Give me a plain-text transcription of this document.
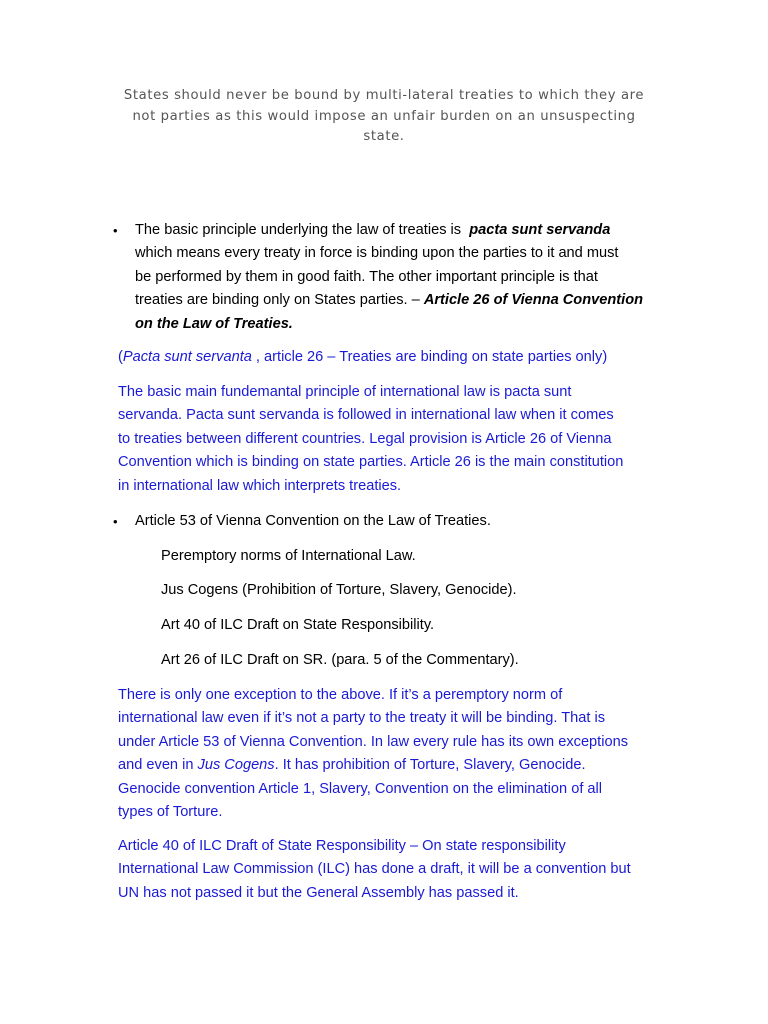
States should never be bound by multi-lateral treaties to which they are
not parties as this would impose an unfair burden on an unsuspecting
state.
• The basic principle underlying the law of treaties is pacta sunt servanda
which means every treaty in force is binding upon the parties to it and must
be performed by them in good faith. The other important principle is that
treaties are binding only on States parties. – Article 26 of Vienna Convention
on the Law of Treaties.
(Pacta sunt servanta , article 26 – Treaties are binding on state parties only)
The basic main fundemantal principle of international law is pacta sunt
servanda. Pacta sunt servanda is followed in international law when it comes
to treaties between different countries. Legal provision is Article 26 of Vienna
Convention which is binding on state parties. Article 26 is the main constitution
in international law which interprets treaties.
• Article 53 of Vienna Convention on the Law of Treaties.
Peremptory norms of International Law.
Jus Cogens (Prohibition of Torture, Slavery, Genocide).
Art 40 of ILC Draft on State Responsibility.
Art 26 of ILC Draft on SR. (para. 5 of the Commentary).
There is only one exception to the above. If it’s a peremptory norm of
international law even if it’s not a party to the treaty it will be binding. That is
under Article 53 of Vienna Convention. In law every rule has its own exceptions
and even in Jus Cogens. It has prohibition of Torture, Slavery, Genocide.
Genocide convention Article 1, Slavery, Convention on the elimination of all
types of Torture.
Article 40 of ILC Draft of State Responsibility – On state responsibility
International Law Commission (ILC) has done a draft, it will be a convention but
UN has not passed it but the General Assembly has passed it.
